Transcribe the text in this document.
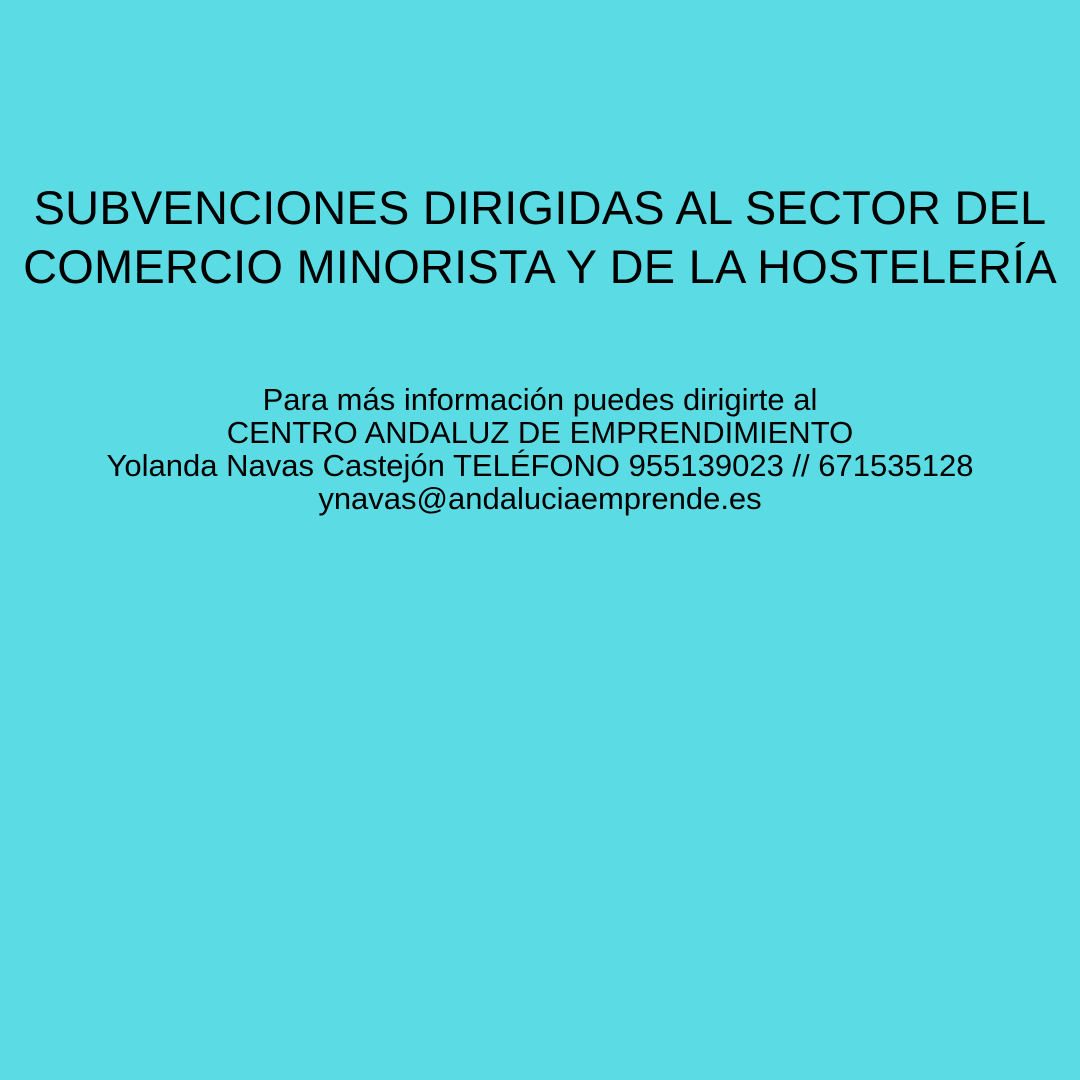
SUBVENCIONES DIRIGIDAS AL SECTOR DEL
COMERCIO MINORISTA Y DE LA HOSTELERÍA
Para más información puedes dirigirte al
CENTRO ANDALUZ DE EMPRENDIMIENTO
Yolanda Navas Castejón TELÉFONO 955139023 // 671535128
ynavas@andaluciaemprende.es
